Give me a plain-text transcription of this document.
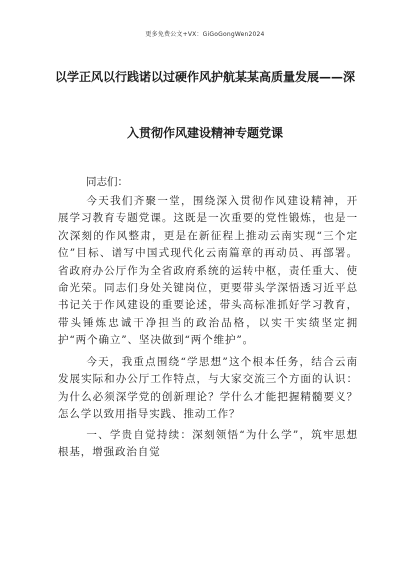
更多免费公文+VX：GiGoGongWen2024
以学正风以行践诺以过硬作风护航某某高质量发展——深
入贯彻作风建设精神专题党课
同志们：
今天我们齐聚一堂，围绕深入贯彻作风建设精神，开展学习教育专题党课。这既是一次重要的党性锻炼，也是一次深刻的作风整肃，更是在新征程上推动云南实现“三个定位”目标、谱写中国式现代化云南篇章的再动员、再部署。省政府办公厅作为全省政府系统的运转中枢，责任重大、使命光荣。同志们身处关键岗位，更要带头学深悟透习近平总书记关于作风建设的重要论述，带头高标准抓好学习教育，带头锤炼忠诚干净担当的政治品格，以实干实绩坚定拥护“两个确立”、坚决做到“两个维护”。
今天，我重点围绕“学思想”这个根本任务，结合云南发展实际和办公厅工作特点，与大家交流三个方面的认识：为什么必须深学党的创新理论？学什么才能把握精髓要义？怎么学以致用指导实践、推动工作？
一、学贵自觉持续：深刻领悟“为什么学”，筑牢思想根基，增强政治自觉
